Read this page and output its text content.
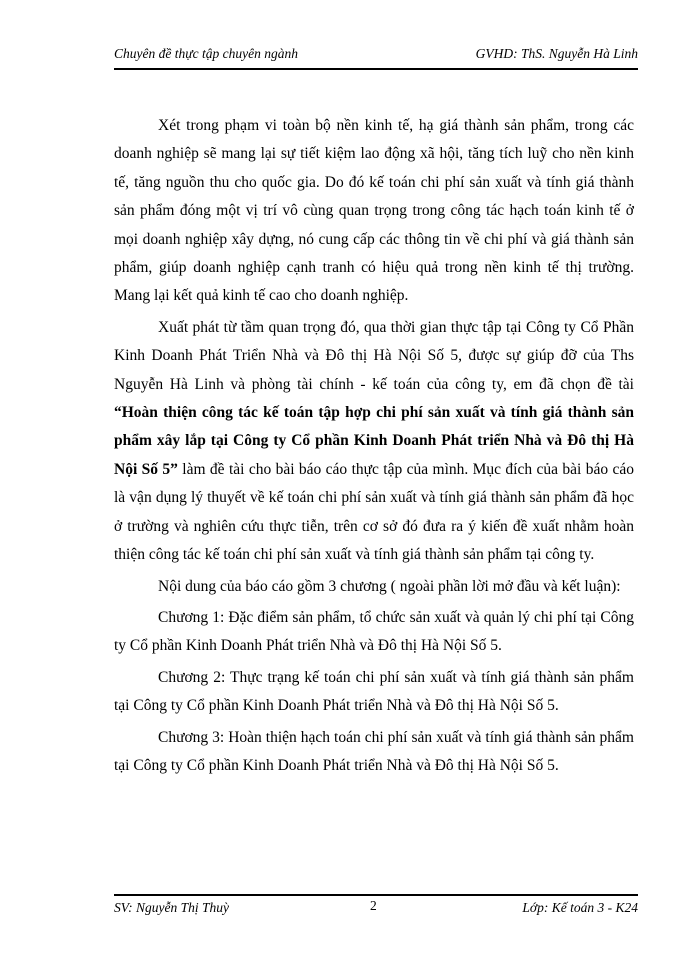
Chuyên đề thực tập chuyên ngành	GVHD: ThS. Nguyễn Hà Linh

Xét trong phạm vi toàn bộ nền kinh tế, hạ giá thành sản phẩm, trong các doanh nghiệp sẽ mang lại sự tiết kiệm lao động xã hội, tăng tích luỹ cho nền kinh tế, tăng nguồn thu cho quốc gia. Do đó kế toán chi phí sản xuất và tính giá thành sản phẩm đóng một vị trí vô cùng quan trọng trong công tác hạch toán kinh tế ở mọi doanh nghiệp xây dựng, nó cung cấp các thông tin về chi phí và giá thành sản phẩm, giúp doanh nghiệp cạnh tranh có hiệu quả trong nền kinh tế thị trường. Mang lại kết quả kinh tế cao cho doanh nghiệp.

Xuất phát từ tầm quan trọng đó, qua thời gian thực tập tại Công ty Cổ Phần Kinh Doanh Phát Triển Nhà và Đô thị Hà Nội Số 5, được sự giúp đỡ của Ths Nguyễn Hà Linh và phòng tài chính - kế toán của công ty, em đã chọn đề tài “Hoàn thiện công tác kế toán tập hợp chi phí sản xuất và tính giá thành sản phẩm xây lắp tại Công ty Cổ phần Kinh Doanh Phát triển Nhà và Đô thị Hà Nội Số 5” làm đề tài cho bài báo cáo thực tập của mình. Mục đích của bài báo cáo là vận dụng lý thuyết về kế toán chi phí sản xuất và tính giá thành sản phẩm đã học ở trường và nghiên cứu thực tiễn, trên cơ sở đó đưa ra ý kiến đề xuất nhằm hoàn thiện công tác kế toán chi phí sản xuất và tính giá thành sản phẩm tại công ty.

Nội dung của báo cáo gồm 3 chương ( ngoài phần lời mở đầu và kết luận):

Chương 1: Đặc điểm sản phẩm, tổ chức sản xuất và quản lý chi phí tại Công ty Cổ phần Kinh Doanh Phát triển Nhà và Đô thị Hà Nội Số 5.

Chương 2: Thực trạng kế toán chi phí sản xuất và tính giá thành sản phẩm tại Công ty Cổ phần Kinh Doanh Phát triển Nhà và Đô thị Hà Nội Số 5.

Chương 3: Hoàn thiện hạch toán chi phí sản xuất và tính giá thành sản phẩm tại Công ty Cổ phần Kinh Doanh Phát triển Nhà và Đô thị Hà Nội Số 5.

SV: Nguyễn Thị Thuỳ	2	Lớp: Kế toán 3 - K24
